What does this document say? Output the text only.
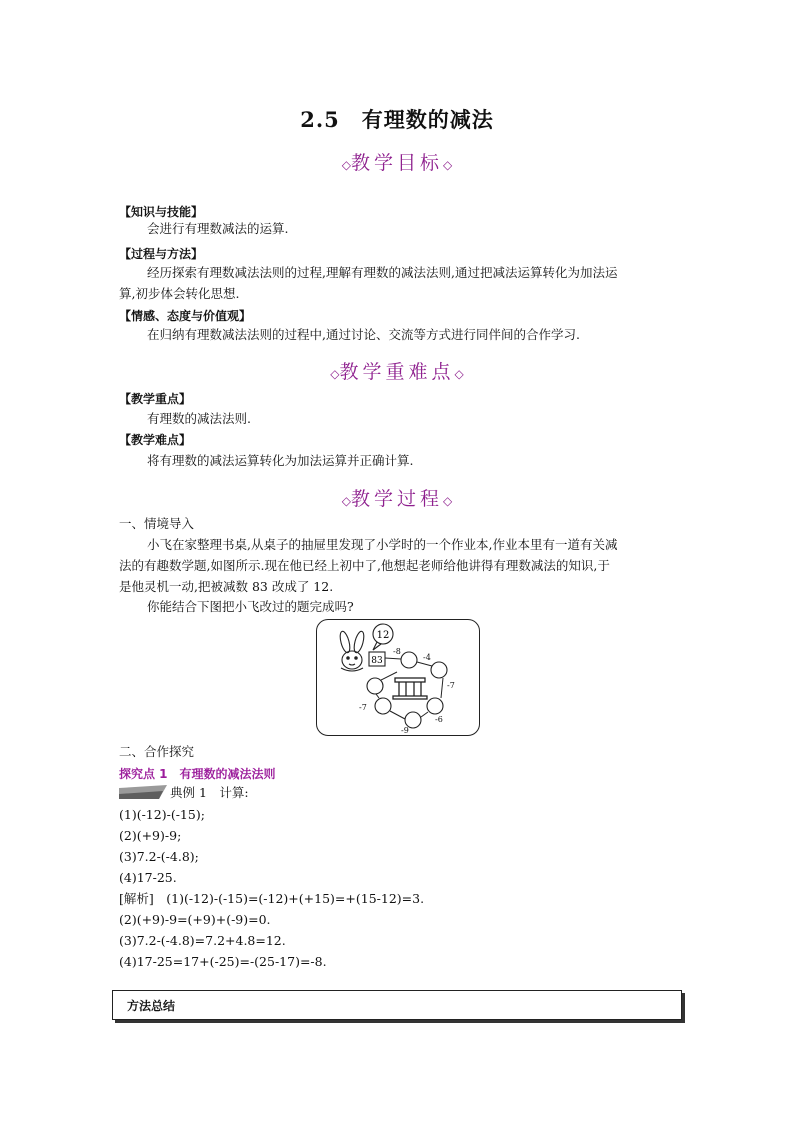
2.5　有理数的减法
◇教学目标◇
【知识与技能】
会进行有理数减法的运算.
【过程与方法】
经历探索有理数减法法则的过程,理解有理数的减法法则,通过把减法运算转化为加法运
算,初步体会转化思想.
【情感、态度与价值观】
在归纳有理数减法法则的过程中,通过讨论、交流等方式进行同伴间的合作学习.
◇教学重难点◇
【教学重点】
有理数的减法法则.
【教学难点】
将有理数的减法运算转化为加法运算并正确计算.
◇教学过程◇
一、情境导入
小飞在家整理书桌,从桌子的抽屉里发现了小学时的一个作业本,作业本里有一道有关减
法的有趣数学题,如图所示.现在他已经上初中了,他想起老师给他讲得有理数减法的知识,于
是他灵机一动,把被减数 83 改成了 12.
你能结合下图把小飞改过的题完成吗?
12
83
-8
-4
-7
-6
-9
-7
二、合作探究
探究点 1　有理数的减法法则
典例 1　计算:
(1)(-12)-(-15);
(2)(+9)-9;
(3)7.2-(-4.8);
(4)17-25.
[解析]　(1)(-12)-(-15)=(-12)+(+15)=+(15-12)=3.
(2)(+9)-9=(+9)+(-9)=0.
(3)7.2-(-4.8)=7.2+4.8=12.
(4)17-25=17+(-25)=-(25-17)=-8.
方法总结
